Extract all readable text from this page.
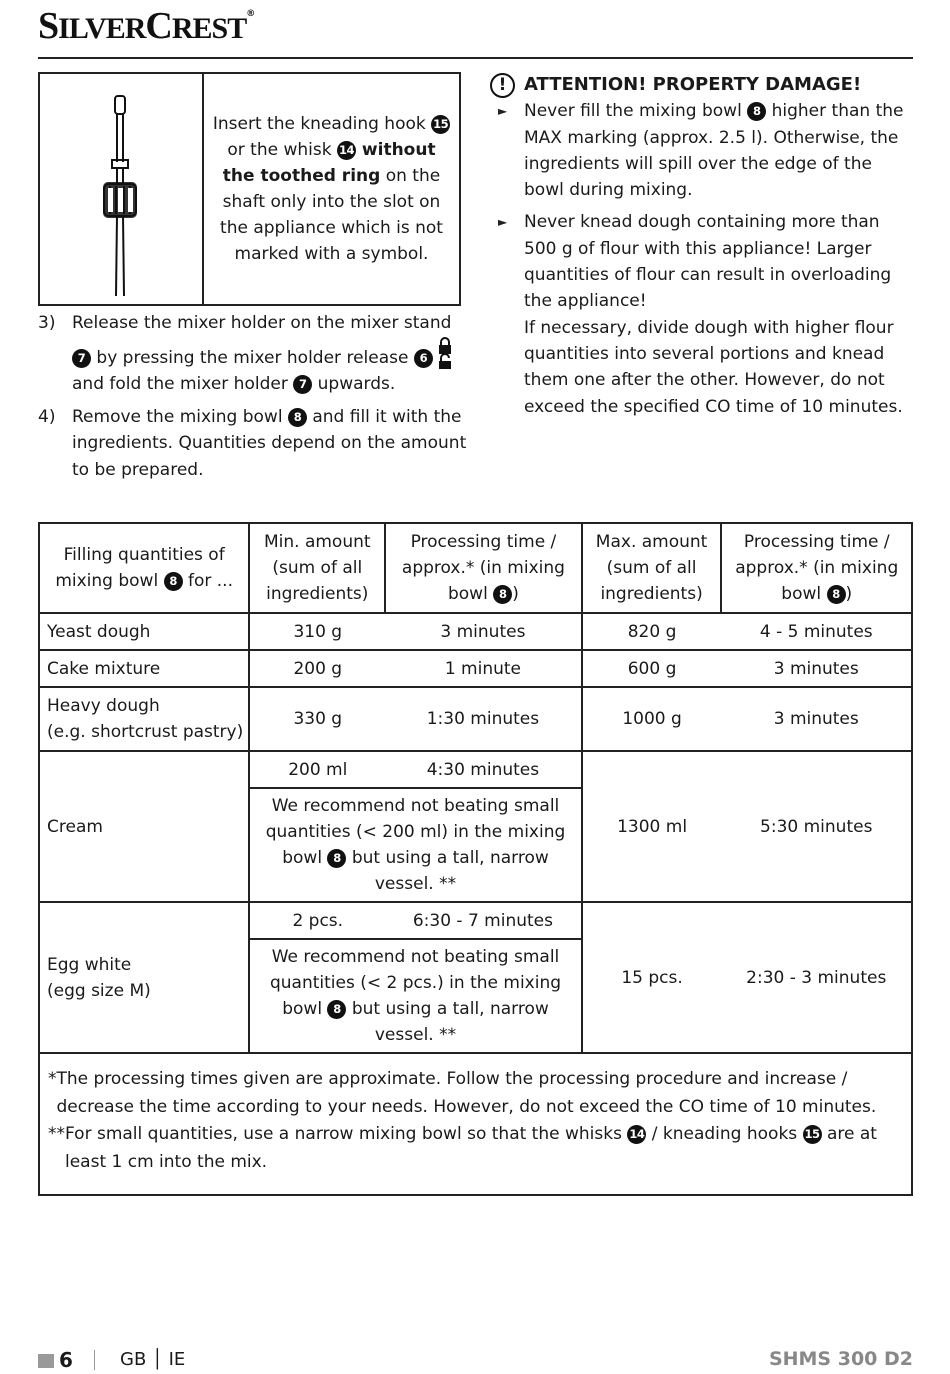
SILVERCREST®
Insert the kneading hook 15 or the whisk 14 without the toothed ring on the shaft only into the slot on the appliance which is not marked with a symbol.
3) Release the mixer holder on the mixer stand 7 by pressing the mixer holder release 6 and fold the mixer holder 7 upwards.
4) Remove the mixing bowl 8 and fill it with the ingredients. Quantities depend on the amount to be prepared.
! ATTENTION! PROPERTY DAMAGE!
► Never fill the mixing bowl 8 higher than the MAX marking (approx. 2.5 l). Otherwise, the ingredients will spill over the edge of the bowl during mixing.
► Never knead dough containing more than 500 g of flour with this appliance! Larger quantities of flour can result in overloading the appliance!
If necessary, divide dough with higher flour quantities into several portions and knead them one after the other. However, do not exceed the specified CO time of 10 minutes.
Filling quantities of mixing bowl 8 for ...	Min. amount (sum of all ingredients)	Processing time / approx.* (in mixing bowl 8 )	Max. amount (sum of all ingredients)	Processing time / approx.* (in mixing bowl 8 )
Yeast dough	310 g	3 minutes	820 g	4 - 5 minutes
Cake mixture	200 g	1 minute	600 g	3 minutes

Heavy dough
(e.g. shortcrust pastry)	330 g	1:30 minutes	1000 g	3 minutes
Cream	200 ml	4:30 minutes	1300 ml	5:30 minutes
	We recommend not beating small quantities (< 200 ml) in the mixing bowl 8 but using a tall, narrow vessel. **			

Egg white
(egg size M)	2 pcs.	6:30 - 7 minutes	15 pcs.	2:30 - 3 minutes
	We recommend not beating small quantities (< 2 pcs.) in the mixing bowl 8 but using a tall, narrow vessel. **			

* The processing times given are approximate. Follow the processing procedure and increase / decrease the time according to your needs. However, do not exceed the CO time of 10 minutes.
** For small quantities, use a narrow mixing bowl so that the whisks 14 / kneading hooks 15 are at least 1 cm into the mix.				
6	GB │ IE	SHMS 300 D2
